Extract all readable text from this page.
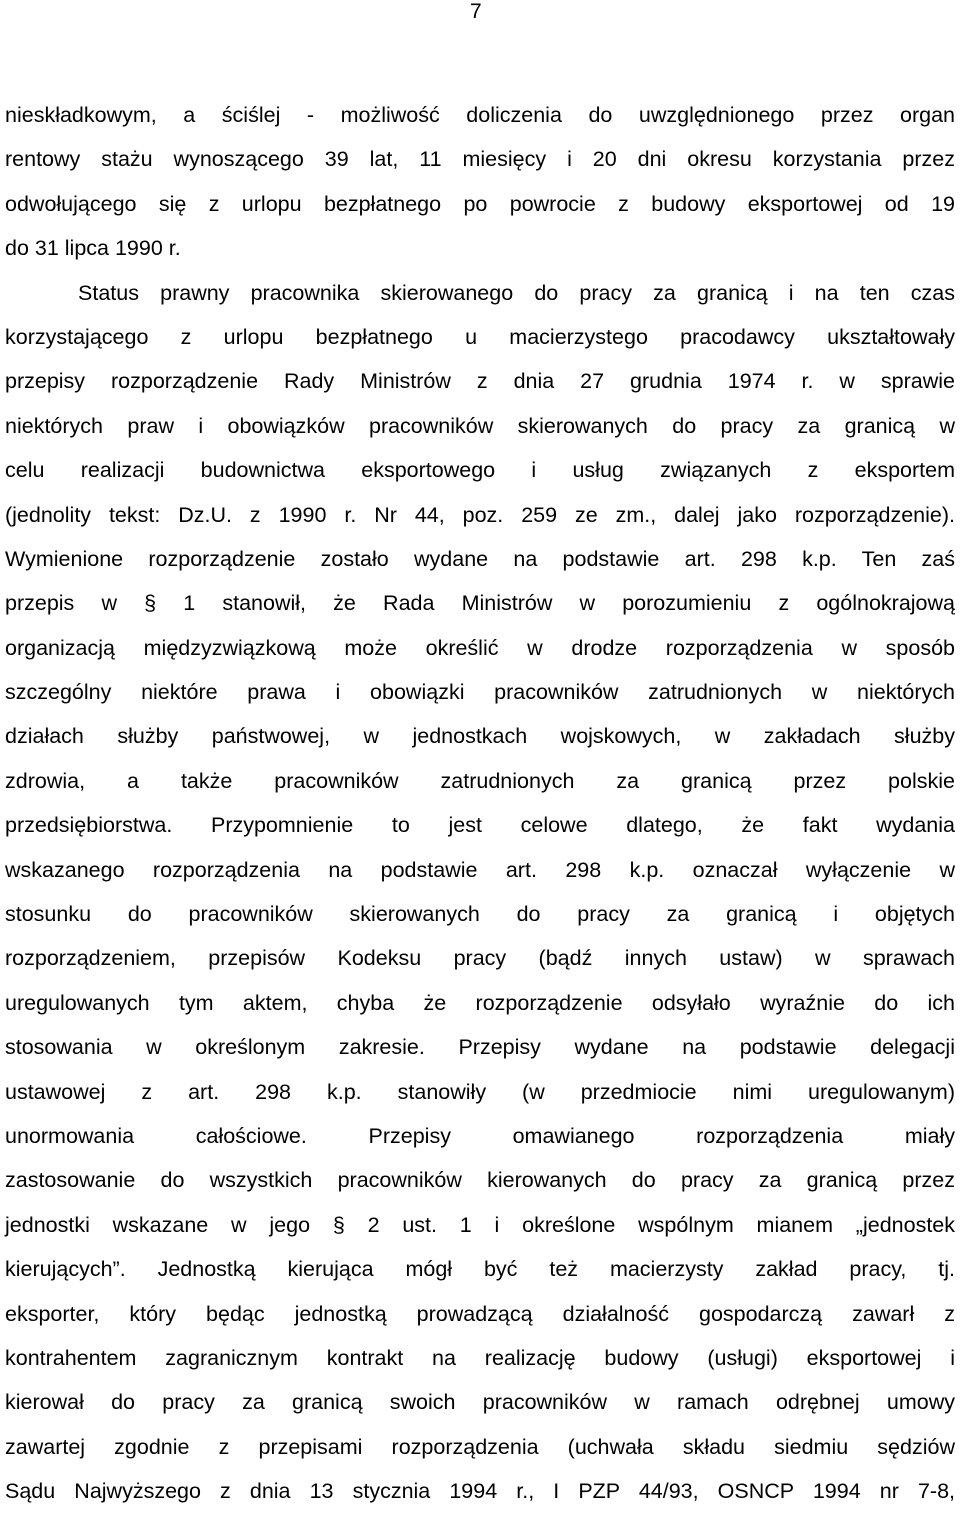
7
nieskładkowym, a ściślej - możliwość doliczenia do uwzględnionego przez organ
rentowy stażu wynoszącego 39 lat, 11 miesięcy i 20 dni okresu korzystania przez
odwołującego się z urlopu bezpłatnego po powrocie z budowy eksportowej od 19
do 31 lipca 1990 r.
Status prawny pracownika skierowanego do pracy za granicą i na ten czas
korzystającego z urlopu bezpłatnego u macierzystego pracodawcy ukształtowały
przepisy rozporządzenie Rady Ministrów z dnia 27 grudnia 1974 r. w sprawie
niektórych praw i obowiązków pracowników skierowanych do pracy za granicą w
celu realizacji budownictwa eksportowego i usług związanych z eksportem
(jednolity tekst: Dz.U. z 1990 r. Nr 44, poz. 259 ze zm., dalej jako rozporządzenie).
Wymienione rozporządzenie zostało wydane na podstawie art. 298 k.p. Ten zaś
przepis w § 1 stanowił, że Rada Ministrów w porozumieniu z ogólnokrajową
organizacją międzyzwiązkową może określić w drodze rozporządzenia w sposób
szczególny niektóre prawa i obowiązki pracowników zatrudnionych w niektórych
działach służby państwowej, w jednostkach wojskowych, w zakładach służby
zdrowia, a także pracowników zatrudnionych za granicą przez polskie
przedsiębiorstwa. Przypomnienie to jest celowe dlatego, że fakt wydania
wskazanego rozporządzenia na podstawie art. 298 k.p. oznaczał wyłączenie w
stosunku do pracowników skierowanych do pracy za granicą i objętych
rozporządzeniem, przepisów Kodeksu pracy (bądź innych ustaw) w sprawach
uregulowanych tym aktem, chyba że rozporządzenie odsyłało wyraźnie do ich
stosowania w określonym zakresie. Przepisy wydane na podstawie delegacji
ustawowej z art. 298 k.p. stanowiły (w przedmiocie nimi uregulowanym)
unormowania całościowe. Przepisy omawianego rozporządzenia miały
zastosowanie do wszystkich pracowników kierowanych do pracy za granicą przez
jednostki wskazane w jego § 2 ust. 1 i określone wspólnym mianem „jednostek
kierujących”. Jednostką kierująca mógł być też macierzysty zakład pracy, tj.
eksporter, który będąc jednostką prowadzącą działalność gospodarczą zawarł z
kontrahentem zagranicznym kontrakt na realizację budowy (usługi) eksportowej i
kierował do pracy za granicą swoich pracowników w ramach odrębnej umowy
zawartej zgodnie z przepisami rozporządzenia (uchwała składu siedmiu sędziów
Sądu Najwyższego z dnia 13 stycznia 1994 r., I PZP 44/93, OSNCP 1994 nr 7-8,
